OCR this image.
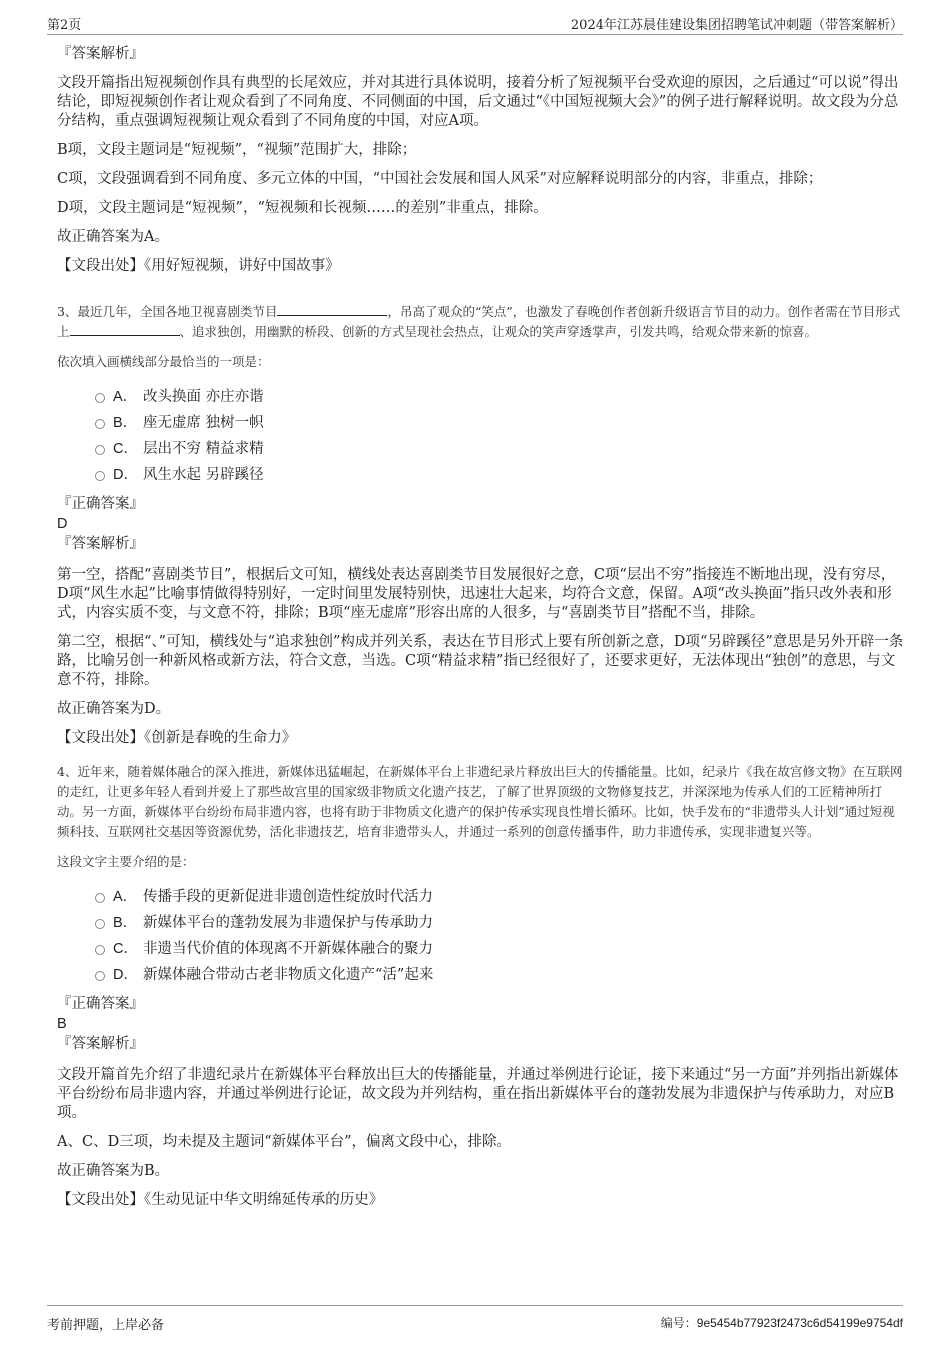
第2页	2024年江苏晨佳建设集团招聘笔试冲刺题（带答案解析）

『答案解析』

文段开篇指出短视频创作具有典型的长尾效应，并对其进行具体说明，接着分析了短视频平台受欢迎的原因，之后通过“可以说”得出结论，即短视频创作者让观众看到了不同角度、不同侧面的中国，后文通过“《中国短视频大会》”的例子进行解释说明。故文段为分总分结构，重点强调短视频让观众看到了不同角度的中国，对应A项。

B项，文段主题词是“短视频”，“视频”范围扩大，排除；

C项，文段强调看到不同角度、多元立体的中国，“中国社会发展和国人风采”对应解释说明部分的内容，非重点，排除；

D项，文段主题词是“短视频”，“短视频和长视频……的差别”非重点，排除。

故正确答案为A。

【文段出处】《用好短视频，讲好中国故事》

3、最近几年，全国各地卫视喜剧类节目	，吊高了观众的“笑点”，也激发了春晚创作者创新升级语言节目的动力。创作者需在节目形式上	、追求独创，用幽默的桥段、创新的方式呈现社会热点，让观众的笑声穿透掌声，引发共鸣，给观众带来新的惊喜。

依次填入画横线部分最恰当的一项是：

A． 改头换面 亦庄亦谐
B． 座无虚席 独树一帜
C． 层出不穷 精益求精
D． 风生水起 另辟蹊径

『正确答案』

D

『答案解析』

第一空，搭配“喜剧类节目”，根据后文可知，横线处表达喜剧类节目发展很好之意，C项“层出不穷”指接连不断地出现，没有穷尽，D项“风生水起”比喻事情做得特别好，一定时间里发展特别快，迅速壮大起来，均符合文意，保留。A项“改头换面”指只改外表和形式，内容实质不变，与文意不符，排除；B项“座无虚席”形容出席的人很多，与“喜剧类节目”搭配不当，排除。

第二空，根据“、”可知，横线处与“追求独创”构成并列关系，表达在节目形式上要有所创新之意，D项“另辟蹊径”意思是另外开辟一条路，比喻另创一种新风格或新方法，符合文意，当选。C项“精益求精”指已经很好了，还要求更好，无法体现出“独创”的意思，与文意不符，排除。

故正确答案为D。

【文段出处】《创新是春晚的生命力》

4、近年来，随着媒体融合的深入推进，新媒体迅猛崛起，在新媒体平台上非遗纪录片释放出巨大的传播能量。比如，纪录片《我在故宫修文物》在互联网的走红，让更多年轻人看到并爱上了那些故宫里的国家级非物质文化遗产技艺，了解了世界顶级的文物修复技艺，并深深地为传承人们的工匠精神所打动。另一方面，新媒体平台纷纷布局非遗内容，也将有助于非物质文化遗产的保护传承实现良性增长循环。比如，快手发布的“非遗带头人计划”通过短视频科技、互联网社交基因等资源优势，活化非遗技艺，培育非遗带头人，并通过一系列的创意传播事件，助力非遗传承，实现非遗复兴等。

这段文字主要介绍的是：

A． 传播手段的更新促进非遗创造性绽放时代活力
B． 新媒体平台的蓬勃发展为非遗保护与传承助力
C． 非遗当代价值的体现离不开新媒体融合的聚力
D． 新媒体融合带动古老非物质文化遗产“活”起来

『正确答案』

B

『答案解析』

文段开篇首先介绍了非遗纪录片在新媒体平台释放出巨大的传播能量，并通过举例进行论证，接下来通过“另一方面”并列指出新媒体平台纷纷布局非遗内容，并通过举例进行论证，故文段为并列结构，重在指出新媒体平台的蓬勃发展为非遗保护与传承助力，对应B项。

A、C、D三项，均未提及主题词“新媒体平台”，偏离文段中心，排除。

故正确答案为B。

【文段出处】《生动见证中华文明绵延传承的历史》

考前押题，上岸必备	编号：9e5454b77923f2473c6d54199e9754df
